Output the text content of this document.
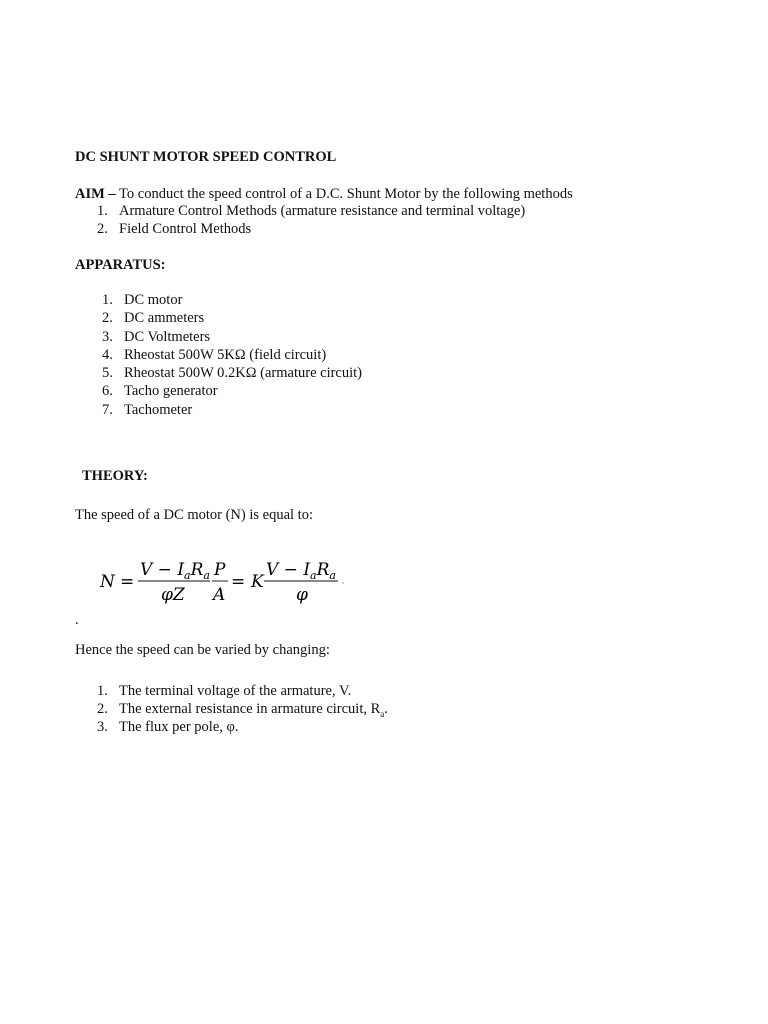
DC SHUNT MOTOR SPEED CONTROL
AIM – To conduct the speed control of a D.C. Shunt Motor by the following methods
1. Armature Control Methods (armature resistance and terminal voltage)
2. Field Control Methods
APPARATUS:
1. DC motor
2. DC ammeters
3. DC Voltmeters
4. Rheostat 500W 5KΩ (field circuit)
5. Rheostat 500W 0.2KΩ (armature circuit)
6. Tacho generator
7. Tachometer
THEORY:
The speed of a DC motor (N) is equal to:
N =
$V - I_aR_a$
φZ
P
A
= K
$V - I_aR_a$
φ
.
Hence the speed can be varied by changing:
1. The terminal voltage of the armature, V.
2. The external resistance in armature circuit, $R_a$.
3. The flux per pole, φ.
